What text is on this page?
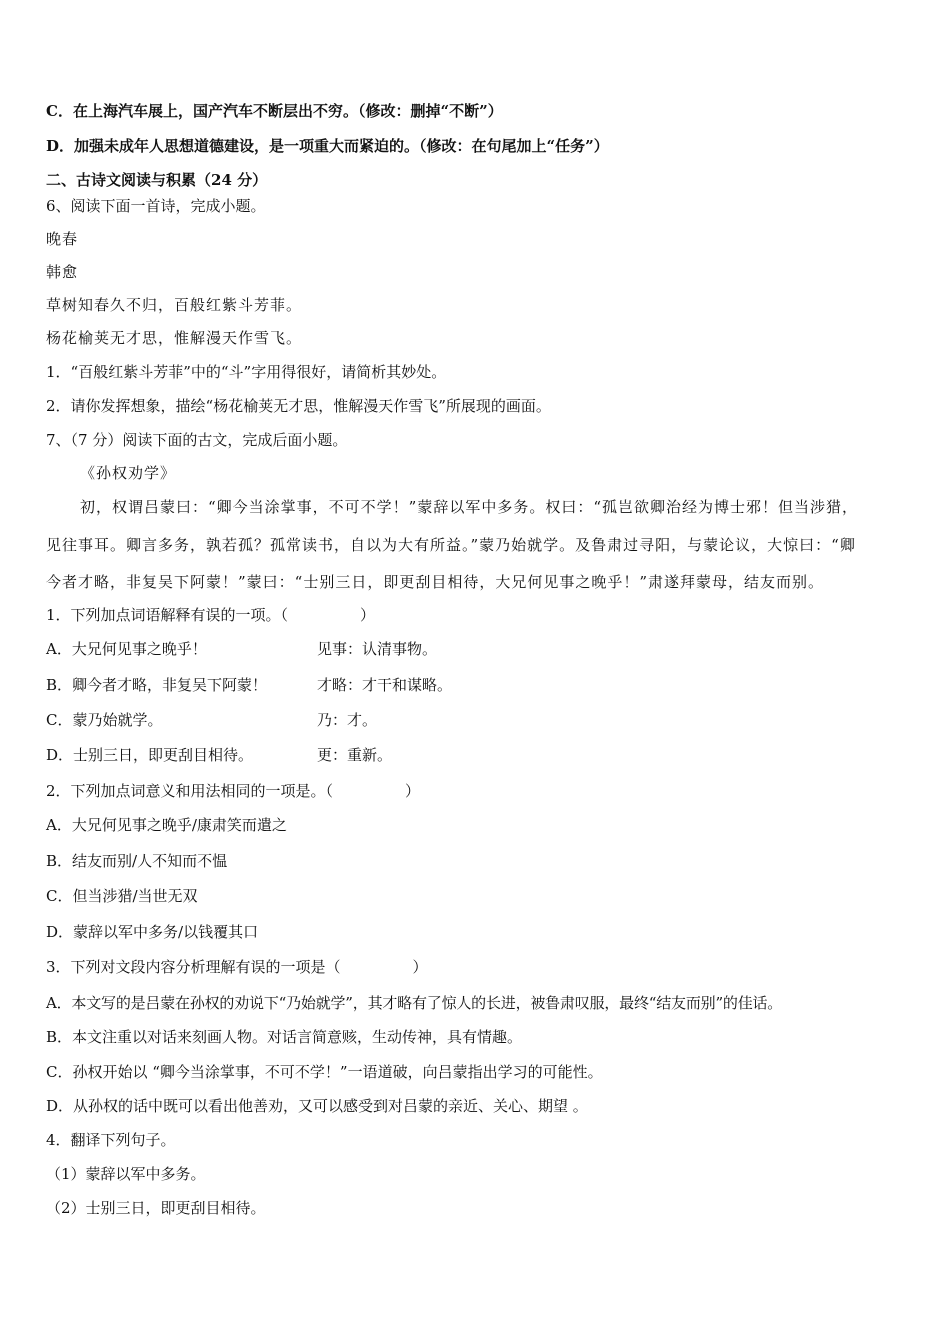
C．在上海汽车展上，国产汽车不断层出不穷。（修改：删掉“不断”）

D．加强未成年人思想道德建设，是一项重大而紧迫的。（修改：在句尾加上“任务”）

二、古诗文阅读与积累（24 分）

6、阅读下面一首诗，完成小题。

晚春

韩愈

草树知春久不归，百般红紫斗芳菲。

杨花榆荚无才思，惟解漫天作雪飞。

1．“百般红紫斗芳菲”中的“斗”字用得很好，请简析其妙处。

2．请你发挥想象，描绘“杨花榆荚无才思，惟解漫天作雪飞”所展现的画面。

7、（7 分）阅读下面的古文，完成后面小题。

《孙权劝学》

初，权谓吕蒙曰：“卿今当涂掌事，不可不学！”蒙辞以军中多务。权曰：“孤岂欲卿治经为博士邪！但当涉猎，

见往事耳。卿言多务，孰若孤？孤常读书，自以为大有所益。”蒙乃始就学。及鲁肃过寻阳，与蒙论议，大惊曰：“卿

今者才略，非复吴下阿蒙！”蒙曰：“士别三日，即更刮目相待，大兄何见事之晚乎！”肃遂拜蒙母，结友而别。

1．下列加点词语解释有误的一项。（	）

A．大兄何见事之晚乎！	见事：认清事物。

B．卿今者才略，非复吴下阿蒙！	才略：才干和谋略。

C．蒙乃始就学。	乃：才。

D．士别三日，即更刮目相待。	更：重新。

2．下列加点词意义和用法相同的一项是。（	）

A．大兄何见事之晚乎/康肃笑而遣之

B．结友而别/人不知而不愠

C．但当涉猎/当世无双

D．蒙辞以军中多务/以钱覆其口

3．下列对文段内容分析理解有误的一项是（	）

A．本文写的是吕蒙在孙权的劝说下“乃始就学”，其才略有了惊人的长进，被鲁肃叹服，最终“结友而别”的佳话。

B．本文注重以对话来刻画人物。对话言简意赅，生动传神，具有情趣。

C．孙权开始以 “卿今当涂掌事，不可不学！”一语道破，向吕蒙指出学习的可能性。

D．从孙权的话中既可以看出他善劝，又可以感受到对吕蒙的亲近、关心、期望 。

4．翻译下列句子。

（1）蒙辞以军中多务。

（2）士别三日，即更刮目相待。
